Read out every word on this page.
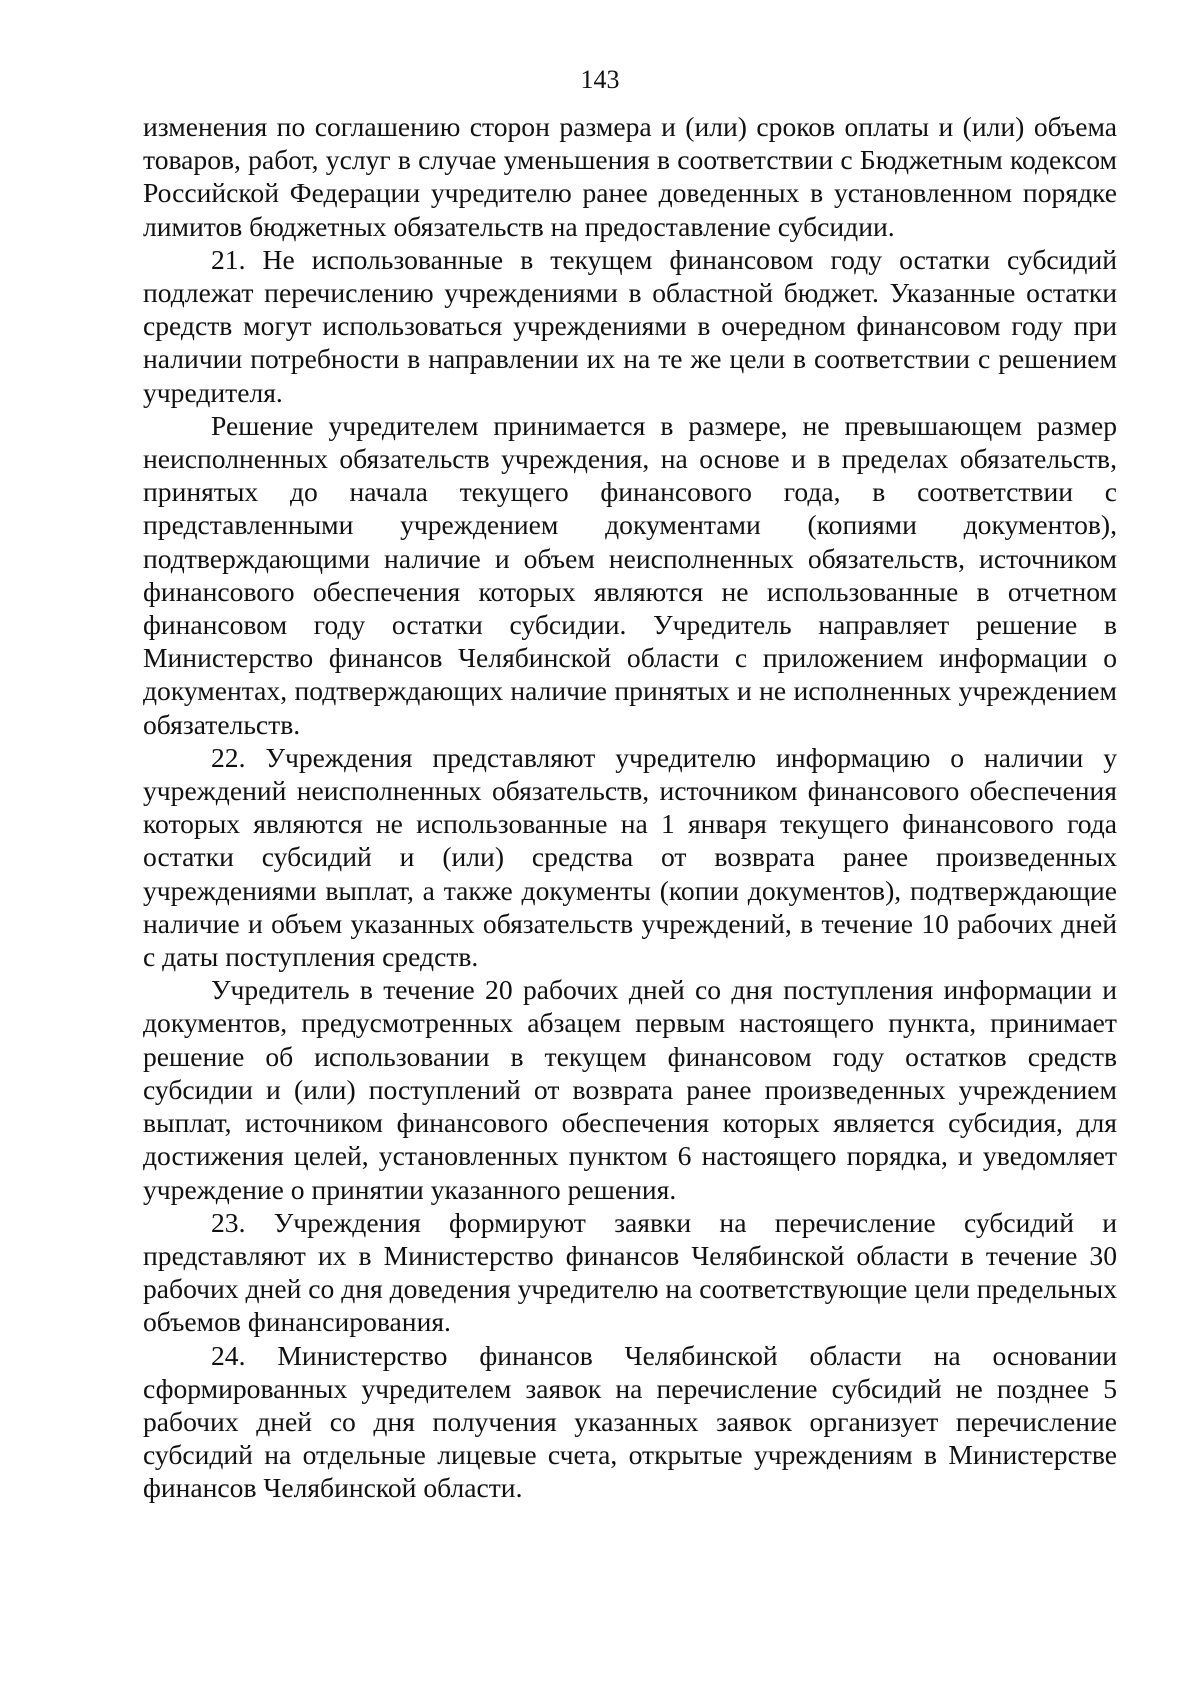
143

изменения по соглашению сторон размера и (или) сроков оплаты и (или) объема товаров, работ, услуг в случае уменьшения в соответствии с Бюджетным кодексом Российской Федерации учредителю ранее доведенных в установленном порядке лимитов бюджетных обязательств на предоставление субсидии.

21. Не использованные в текущем финансовом году остатки субсидий подлежат перечислению учреждениями в областной бюджет. Указанные остатки средств могут использоваться учреждениями в очередном финансовом году при наличии потребности в направлении их на те же цели в соответствии с решением учредителя.

Решение учредителем принимается в размере, не превышающем размер неисполненных обязательств учреждения, на основе и в пределах обязательств, принятых до начала текущего финансового года, в соответствии с представленными учреждением документами (копиями документов), подтверждающими наличие и объем неисполненных обязательств, источником финансового обеспечения которых являются не использованные в отчетном финансовом году остатки субсидии. Учредитель направляет решение в Министерство финансов Челябинской области с приложением информации о документах, подтверждающих наличие принятых и не исполненных учреждением обязательств.

22. Учреждения представляют учредителю информацию о наличии у учреждений неисполненных обязательств, источником финансового обеспечения которых являются не использованные на 1 января текущего финансового года остатки субсидий и (или) средства от возврата ранее произведенных учреждениями выплат, а также документы (копии документов), подтверждающие наличие и объем указанных обязательств учреждений, в течение 10 рабочих дней с даты поступления средств.

Учредитель в течение 20 рабочих дней со дня поступления информации и документов, предусмотренных абзацем первым настоящего пункта, принимает решение об использовании в текущем финансовом году остатков средств субсидии и (или) поступлений от возврата ранее произведенных учреждением выплат, источником финансового обеспечения которых является субсидия, для достижения целей, установленных пунктом 6 настоящего порядка, и уведомляет учреждение о принятии указанного решения.

23. Учреждения формируют заявки на перечисление субсидий и представляют их в Министерство финансов Челябинской области в течение 30 рабочих дней со дня доведения учредителю на соответствующие цели предельных объемов финансирования.

24. Министерство финансов Челябинской области на основании сформированных учредителем заявок на перечисление субсидий не позднее 5 рабочих дней со дня получения указанных заявок организует перечисление субсидий на отдельные лицевые счета, открытые учреждениям в Министерстве финансов Челябинской области.
